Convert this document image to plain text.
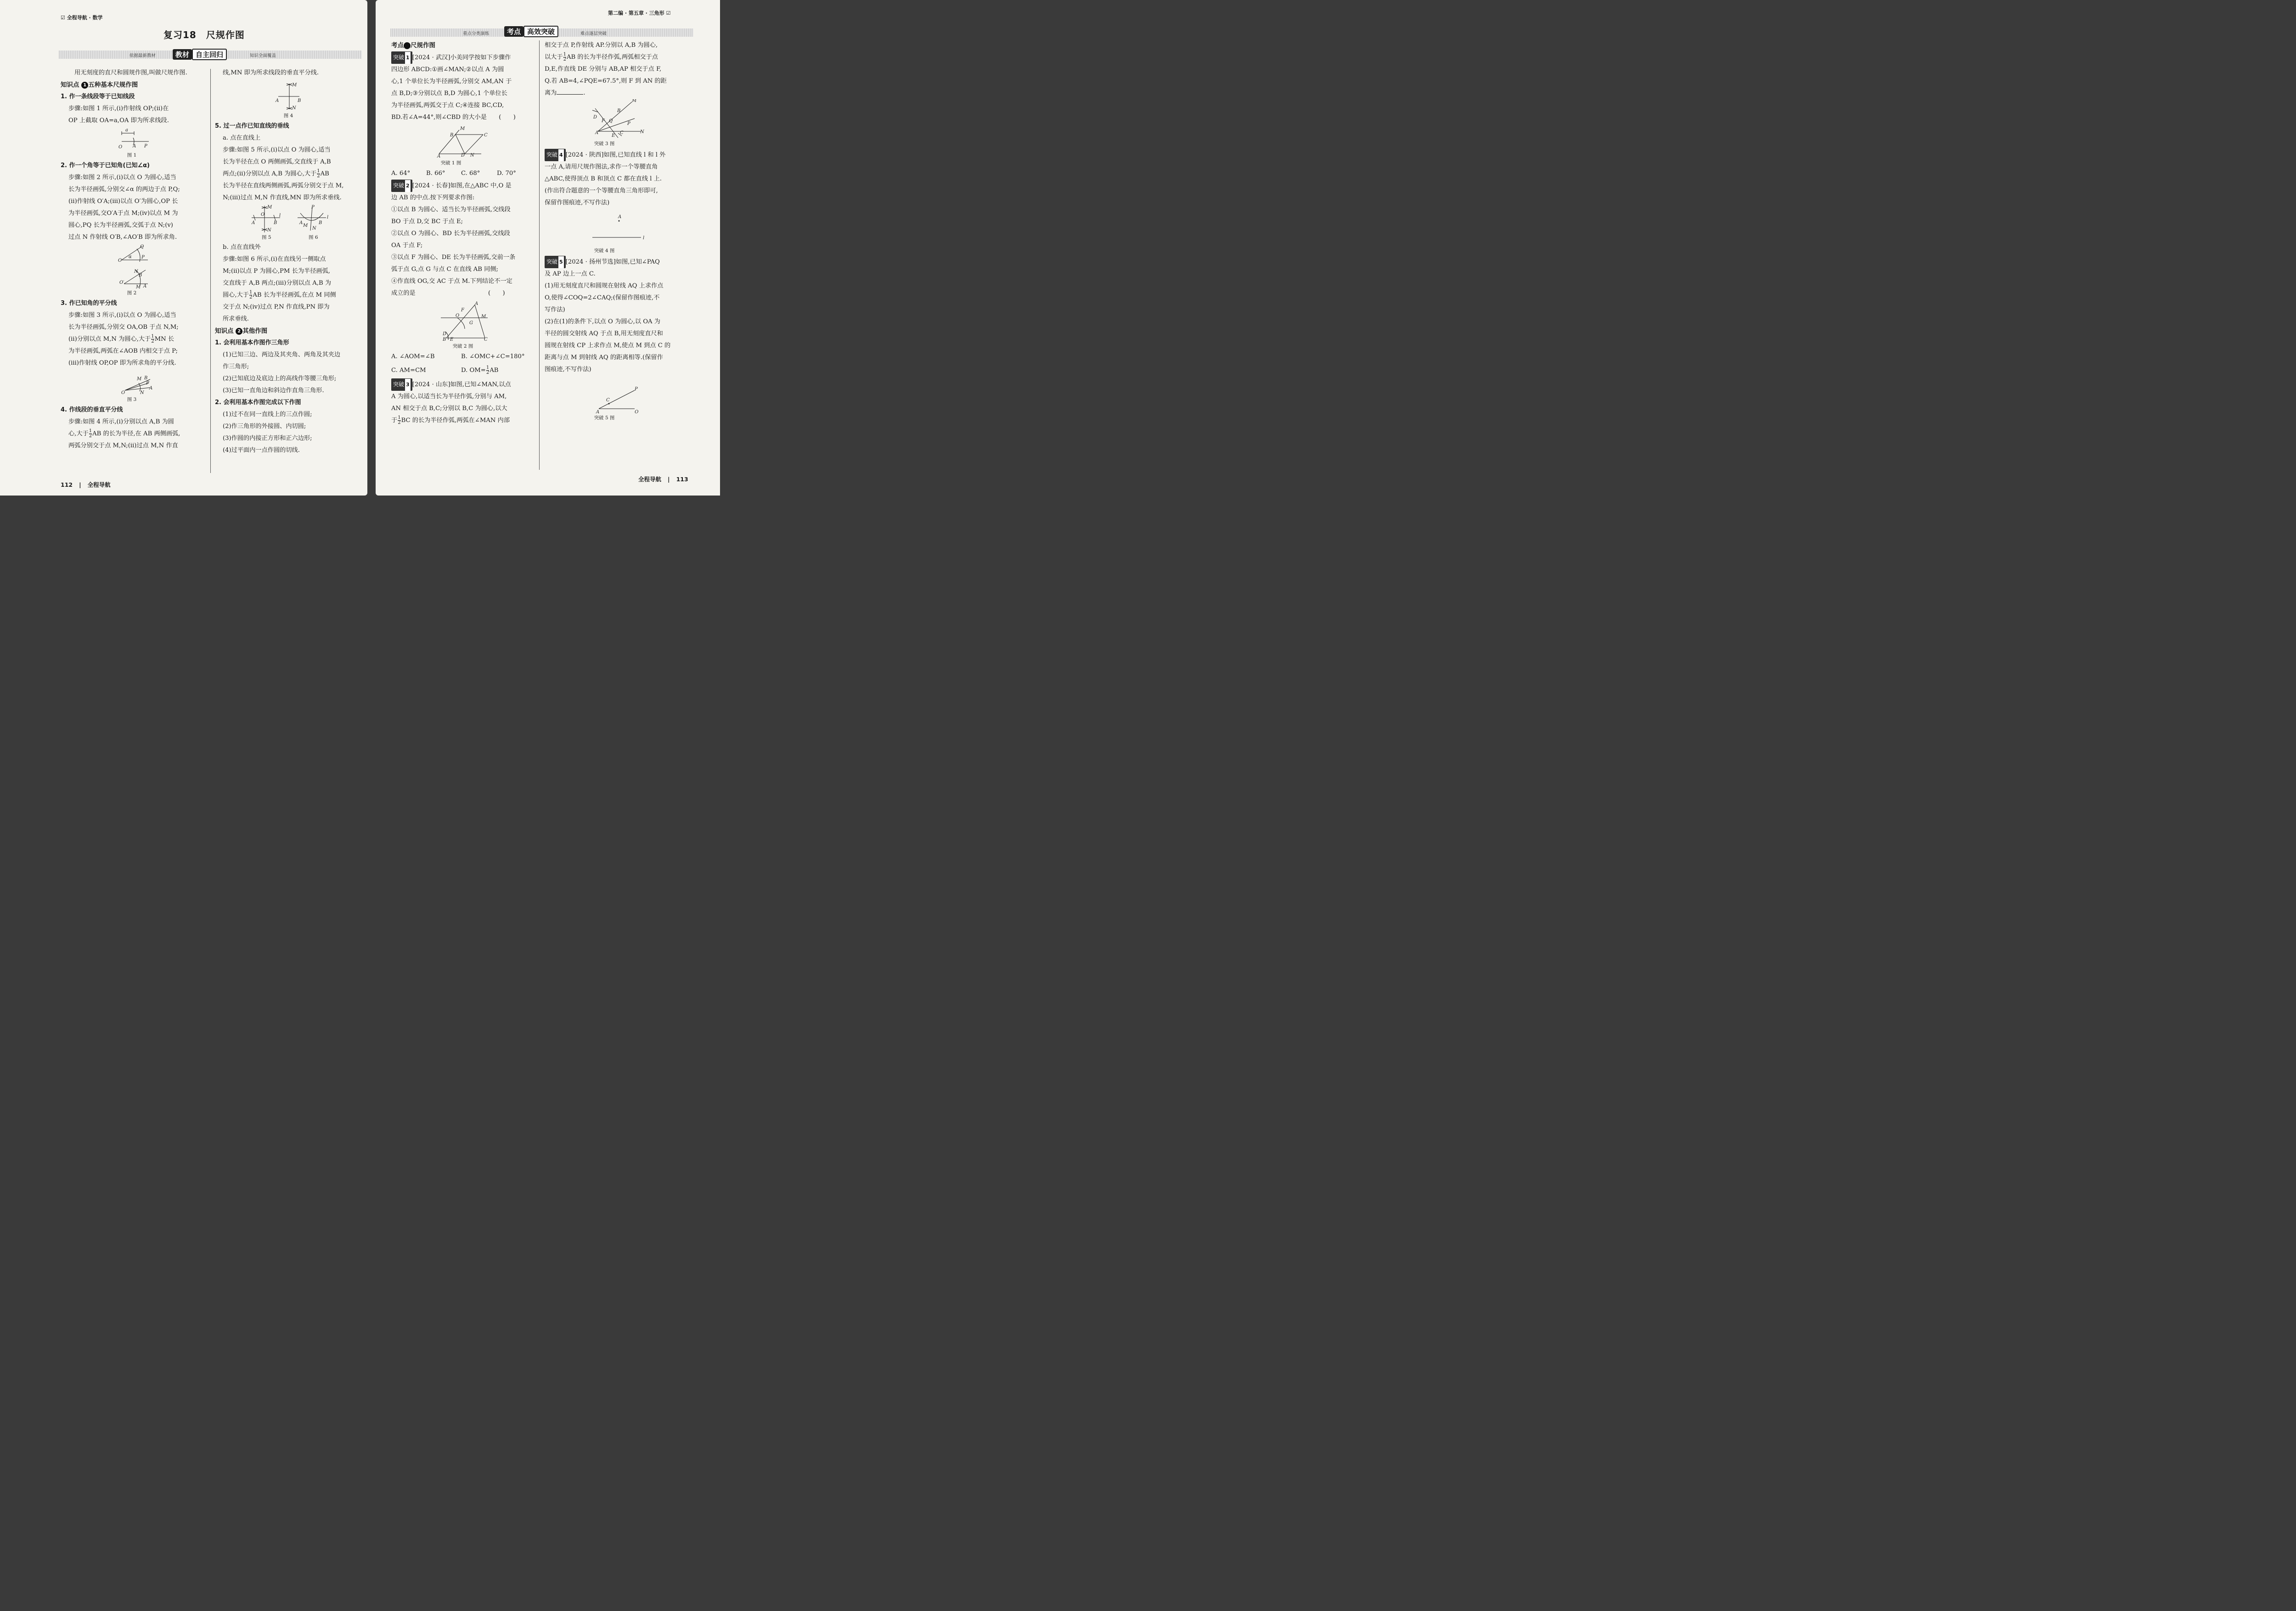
☑ 全程导航 · 数学
复习18　尺规作图
依据最新教材	教材 自主回归	知识全面覆盖

用无刻度的直尺和圆规作图,叫做尺规作图.

知识点 1 五种基本尺规作图

1. 作一条线段等于已知线段

步骤:如图 1 所示,(ⅰ)作射线 OP;(ⅱ)在

OP 上截取 OA=a,OA 即为所求线段.

a
O A P

图 1

2. 作一个角等于已知角(已知∠α)

步骤:如图 2 所示,(ⅰ)以点 O 为圆心,适当

长为半径画弧,分别交∠α 的两边于点 P,Q;

(ⅱ)作射线 O′A;(ⅲ)以点 O′为圆心,OP 长

为半径画弧,交O′A于点 M;(ⅳ)以点 M 为

圆心,PQ 长为半径画弧,交弧于点 N;(ⅴ)

过点 N 作射线 O′B,∠AO′B 即为所求角.

O
α
Q
P
O′
N
B
M A

图 2

3. 作已知角的平分线

步骤:如图 3 所示,(ⅰ)以点 O 为圆心,适当

长为半径画弧,分别交 OA,OB 于点 N,M;

(ⅱ)分别以点 M,N 为圆心,大于 $\frac{1}{2}$ MN 长

为半径画弧,两弧在∠AOB 内相交于点 P;

(ⅲ)作射线 OP,OP 即为所求角的平分线.

O
M B
P
N
A

图 3

4. 作线段的垂直平分线

步骤:如图 4 所示,(ⅰ)分别以点 A,B 为圆

心,大于 $\frac{1}{2}$ AB 的长为半径,在 AB 两侧画弧,

两弧分别交于点 M,N;(ⅱ)过点 M,N 作直

线,MN 即为所求线段的垂直平分线.

M
A	B
N

图 4

5. 过一点作已知直线的垂线

a. 点在直线上

步骤:如图 5 所示,(ⅰ)以点 O 为圆心,适当

长为半径在点 O 两侧画弧,交直线于 A,B

两点;(ⅱ)分别以点 A,B 为圆心,大于 $\frac{1}{2}$ AB

长为半径在直线两侧画弧,两弧分别交于点 M,

N;(ⅲ)过点 M,N 作直线,MN 即为所求垂线.

M
O	l
A	B
N
P
l
A	B
M
N

图 5	图 6

b. 点在直线外

步骤:如图 6 所示,(ⅰ)在直线另一侧取点

M;(ⅱ)以点 P 为圆心,PM 长为半径画弧,

交直线于 A,B 两点;(ⅲ)分别以点 A,B 为

圆心,大于 $\frac{1}{2}$ AB 长为半径画弧,在点 M 同侧

交于点 N;(ⅳ)过点 P,N 作直线,PN 即为

所求垂线.

知识点 2 其他作图

1. 会利用基本作图作三角形

(1)已知三边、两边及其夹角、两角及其夹边

作三角形;

(2)已知底边及底边上的高线作等腰三角形;

(3)已知一直角边和斜边作直角三角形.

2. 会利用基本作图完成以下作图

(1)过不在同一直线上的三点作圆;

(2)作三角形的外接圆、内切圆;

(3)作圆的内接正方形和正六边形;

(4)过平面内一点作圆的切线.

112 | 全程导航
第二编 · 第五章 · 三角形 ☑
重点分类演练	考点 高效突破	难点逐层突破

考点 尺规作图

突破 1 [2024 · 武汉]小美同学按如下步骤作

四边形 ABCD:①画∠MAN;②以点 A 为圆

心,1 个单位长为半径画弧,分别交 AM,AN 于

点 B,D;③分别以点 B,D 为圆心,1 个单位长

为半径画弧,两弧交于点 C;④连接 BC,CD,

BD.若∠A=44°,则∠CBD 的大小是　　(　　)

A
B
M
C
D N

突破 1 图

A. 64°	B. 66°	C. 68°	D. 70°

突破 2 [2024 · 长春]如图,在△ABC 中,O 是

边 AB 的中点.按下列要求作图:

①以点 B 为圆心、适当长为半径画弧,交线段

BO 于点 D,交 BC 于点 E;

②以点 O 为圆心、BD 长为半径画弧,交线段

OA 于点 F;

③以点 F 为圆心、DE 长为半径画弧,交前一条

弧于点 G,点 G 与点 C 在直线 AB 同侧;

④作直线 OG,交 AC 于点 M.下列结论不一定

成立的是　　　　　　　　　　　　(　　)

A
F
O	M
G
D
B E	C

突破 2 图

A. ∠AOM=∠B	B. ∠OMC+∠C=180°

C. AM=CM	D. $OM= \frac{1}{2}$ AB

突破 3 [2024 · 山东]如图,已知∠MAN,以点

A 为圆心,以适当长为半径作弧,分别与 AM,

AN 相交于点 B,C;分别以 B,C 为圆心,以大

于 $\frac{1}{2}$ BC 的长为半径作弧,两弧在∠MAN 内部

相交于点 P,作射线 AP.分别以 A,B 为圆心,

以大于 $\frac{1}{2}$ AB 的长为半径作弧,两弧相交于点

D,E,作直线 DE 分别与 AB,AP 相交于点 F,

Q.若 AB=4,∠PQE=67.5°,则 F 到 AN 的距

离为	.

M
B
D
F Q
P
A
E
C	N

突破 3 图

突破 4 [2024 · 陕西]如图,已知直线 l 和 l 外

一点 A,请用尺规作图法,求作一个等腰直角

△ABC,使得顶点 B 和顶点 C 都在直线 l 上.

(作出符合题意的一个等腰直角三角形即可,

保留作图痕迹,不写作法)

A
l

突破 4 图

突破 5 [2024 · 扬州节选]如图,已知∠PAQ

及 AP 边上一点 C.

(1)用无刻度直尺和圆规在射线 AQ 上求作点

O,使得∠COQ=2∠CAQ;(保留作图痕迹,不

写作法)

(2)在(1)的条件下,以点 O 为圆心,以 OA 为

半径的圆交射线 AQ 于点 B,用无刻度直尺和

圆规在射线 CP 上求作点 M,使点 M 到点 C 的

距离与点 M 到射线 AQ 的距离相等.(保留作

图痕迹,不写作法)

P
C
A	Q

突破 5 图

全程导航 | 113
